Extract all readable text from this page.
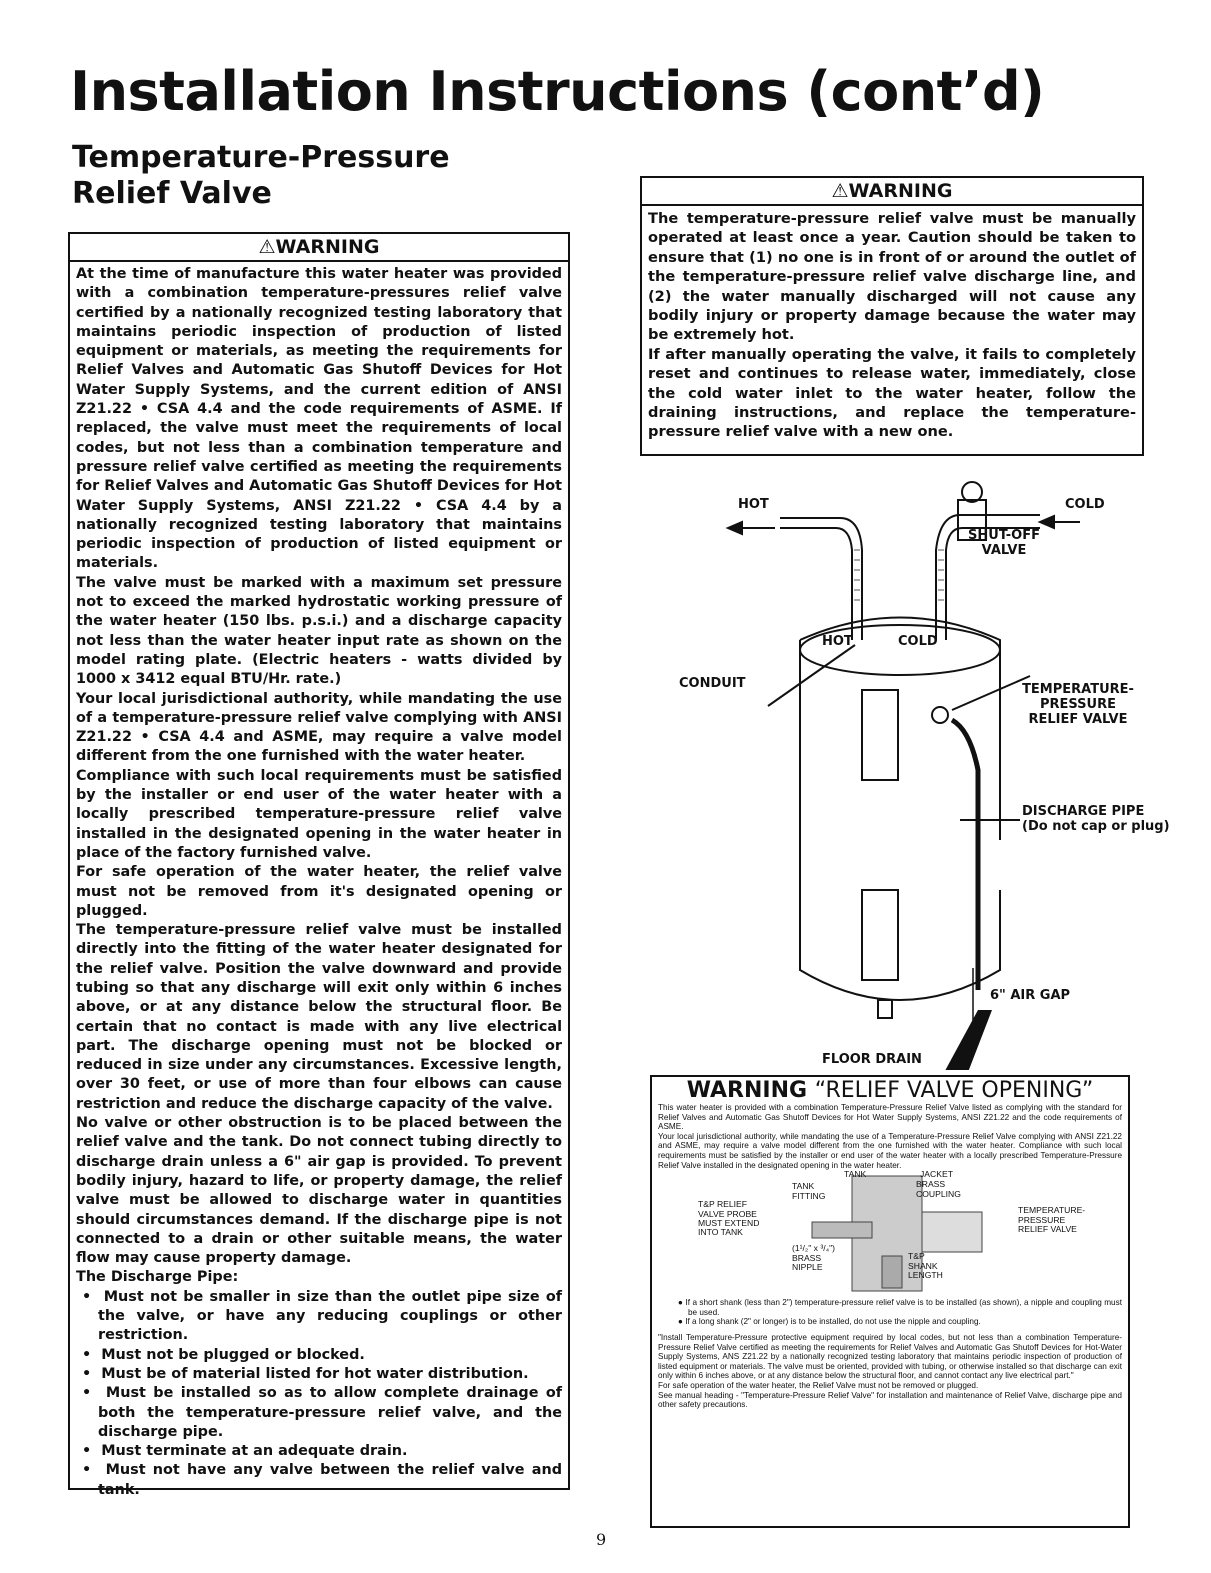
Installation Instructions (cont’d)
Temperature-Pressure
Relief Valve
⚠WARNING

At the time of manufacture this water heater was provided with a combination temperature-pressures relief valve certified by a nationally recognized testing laboratory that maintains periodic inspection of production of listed equipment or materials, as meeting the requirements for Relief Valves and Automatic Gas Shutoff Devices for Hot Water Supply Systems, and the current edition of ANSI Z21.22 • CSA 4.4 and the code requirements of ASME. If replaced, the valve must meet the requirements of local codes, but not less than a combination temperature and pressure relief valve certified as meeting the requirements for Relief Valves and Automatic Gas Shutoff Devices for Hot Water Supply Systems, ANSI Z21.22 • CSA 4.4 by a nationally recognized testing laboratory that maintains periodic inspection of production of listed equipment or materials.

The valve must be marked with a maximum set pressure not to exceed the marked hydrostatic working pressure of the water heater (150 lbs. p.s.i.) and a discharge capacity not less than the water heater input rate as shown on the model rating plate. (Electric heaters - watts divided by 1000 x 3412 equal BTU/Hr. rate.)

Your local jurisdictional authority, while mandating the use of a temperature-pressure relief valve complying with ANSI Z21.22 • CSA 4.4 and ASME, may require a valve model different from the one furnished with the water heater.

Compliance with such local requirements must be satisfied by the installer or end user of the water heater with a locally prescribed temperature-pressure relief valve installed in the designated opening in the water heater in place of the factory furnished valve.

For safe operation of the water heater, the relief valve must not be removed from it's designated opening or plugged.

The temperature-pressure relief valve must be installed directly into the fitting of the water heater designated for the relief valve. Position the valve downward and provide tubing so that any discharge will exit only within 6 inches above, or at any distance below the structural floor. Be certain that no contact is made with any live electrical part. The discharge opening must not be blocked or reduced in size under any circumstances. Excessive length, over 30 feet, or use of more than four elbows can cause restriction and reduce the discharge capacity of the valve.

No valve or other obstruction is to be placed between the relief valve and the tank. Do not connect tubing directly to discharge drain unless a 6" air gap is provided. To prevent bodily injury, hazard to life, or property damage, the relief valve must be allowed to discharge water in quantities should circumstances demand. If the discharge pipe is not connected to a drain or other suitable means, the water flow may cause property damage.

The Discharge Pipe:

•  Must not be smaller in size than the outlet pipe size of the valve, or have any reducing couplings or other restriction.

•  Must not be plugged or blocked.

•  Must be of material listed for hot water distribution.

•  Must be installed so as to allow complete drainage of both the temperature-pressure relief valve, and the discharge pipe.

•  Must terminate at an adequate drain.

•  Must not have any valve between the relief valve and tank.

⚠WARNING

The temperature-pressure relief valve must be manually operated at least once a year. Caution should be taken to ensure that (1) no one is in front of or around the outlet of the temperature-pressure relief valve discharge line, and (2) the water manually discharged will not cause any bodily injury or property damage because the water may be extremely hot.

If after manually operating the valve, it fails to completely reset and continues to release water, immediately, close the cold water inlet to the water heater, follow the draining instructions, and replace the temperature-pressure relief valve with a new one.

HOT	COLD
SHUT-OFF
VALVE
HOT	COLD
CONDUIT	TEMPERATURE-
PRESSURE
RELIEF VALVE
DISCHARGE PIPE
(Do not cap or plug)
6" AIR GAP
FLOOR DRAIN
WARNING “RELIEF VALVE OPENING”

This water heater is provided with a combination Temperature-Pressure Relief Valve listed as complying with the standard for Relief Valves and Automatic Gas Shutoff Devices for Hot Water Supply Systems, ANSI Z21.22 and the code requirements of ASME.

Your local jurisdictional authority, while mandating the use of a Temperature-Pressure Relief Valve complying with ANSI Z21.22 and ASME, may require a valve model different from the one furnished with the water heater. Compliance with such local requirements must be satisfied by the installer or end user of the water heater with a locally prescribed Temperature-Pressure Relief Valve installed in the designated opening in the water heater.

TANK	JACKET
TANK
FITTING
BRASS
COUPLING
T&P RELIEF
VALVE PROBE
MUST EXTEND
INTO TANK
TEMPERATURE-
PRESSURE
RELIEF VALVE
(1¹/₂" x ³/₄")
BRASS
NIPPLE
T&P
SHANK
LENGTH

● If a short shank (less than 2") temperature-pressure relief valve is to be installed (as shown), a nipple and coupling must be used.

● If a long shank (2" or longer) is to be installed, do not use the nipple and coupling.

"Install Temperature-Pressure protective equipment required by local codes, but not less than a combination Temperature-Pressure Relief Valve certified as meeting the requirements for Relief Valves and Automatic Gas Shutoff Devices for Hot-Water Supply Systems, ANS Z21.22 by a nationally recognized testing laboratory that maintains periodic inspection of production of listed equipment or materials. The valve must be oriented, provided with tubing, or otherwise installed so that discharge can exit only within 6 inches above, or at any distance below the structural floor, and cannot contact any live electrical part."

For safe operation of the water heater, the Relief Valve must not be removed or plugged.

See manual heading - "Temperature-Pressure Relief Valve" for installation and maintenance of Relief Valve, discharge pipe and other safety precautions.

9
